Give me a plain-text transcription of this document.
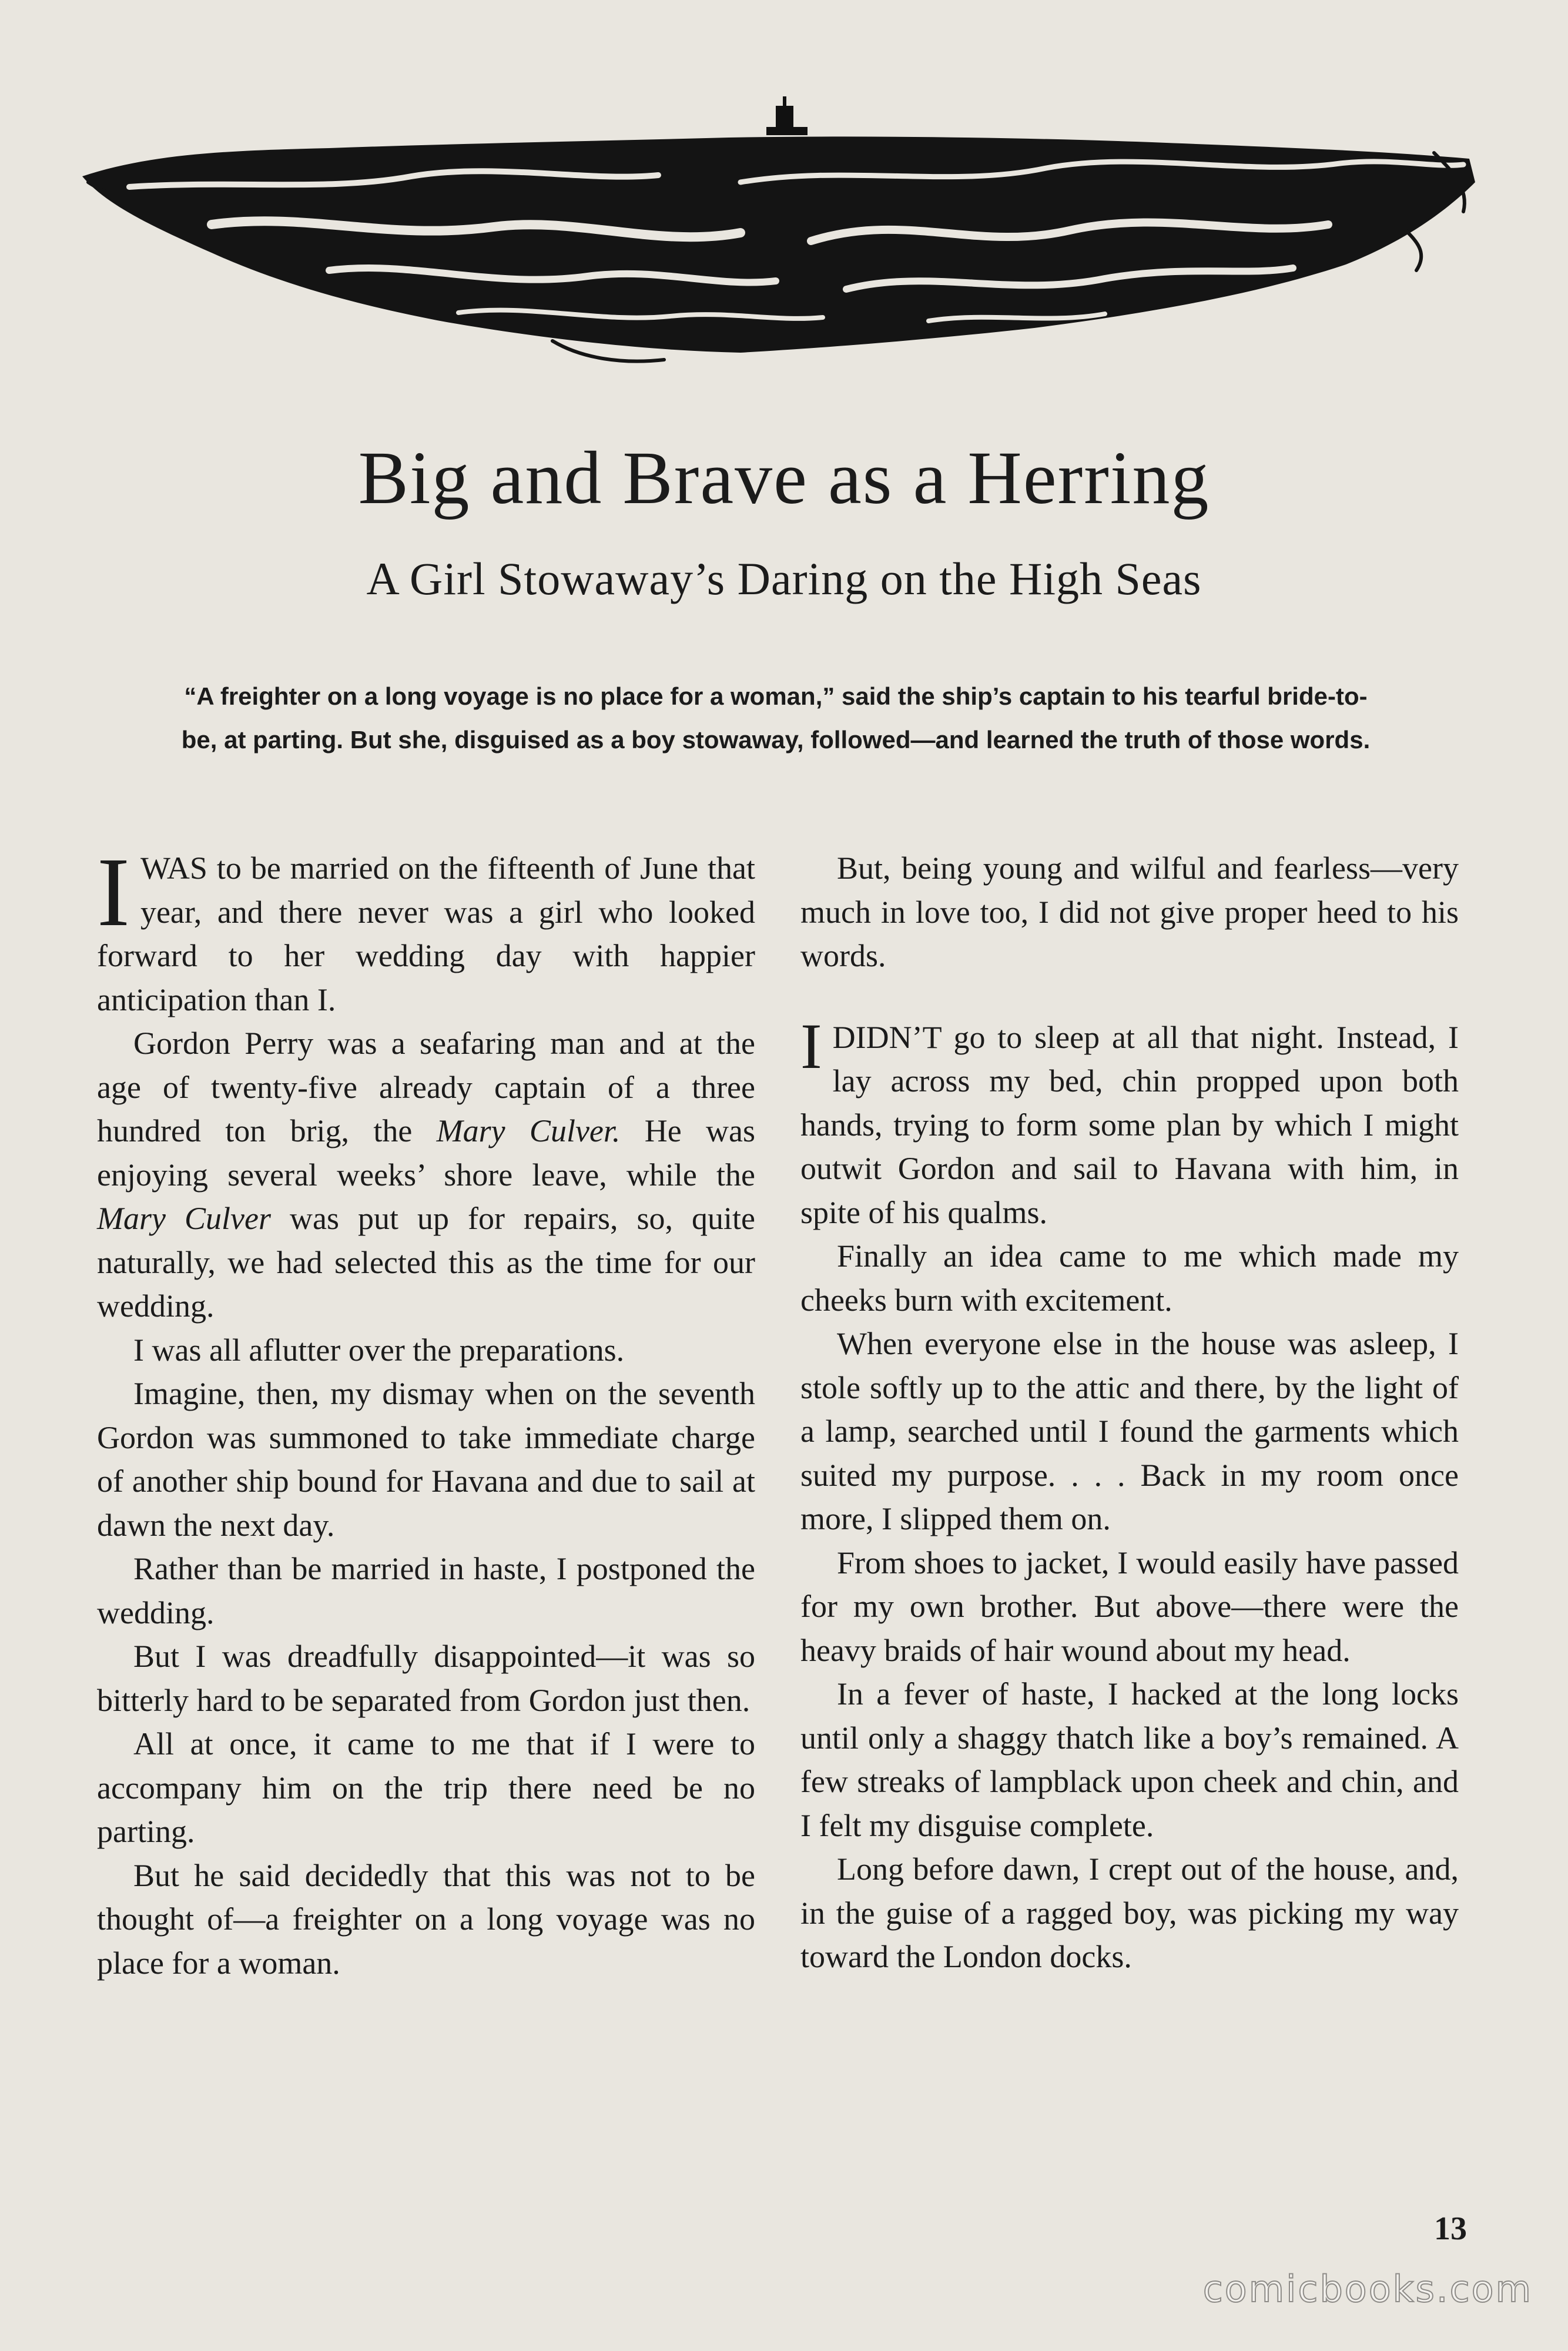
Big and Brave as a Herring
A Girl Stowaway’s Daring on the High Seas

“A freighter on a long voyage is no place for a woman,” said the ship’s captain to his tearful bride-to-be, at parting. But she, disguised as a boy stowaway, followed—and learned the truth of those words.

I WAS to be married on the fifteenth of June that year, and there never was a girl who looked forward to her wedding day with happier anticipation than I.

Gordon Perry was a seafaring man and at the age of twenty-five already captain of a three hundred ton brig, the Mary Culver. He was enjoying several weeks’ shore leave, while the Mary Culver was put up for repairs, so, quite naturally, we had selected this as the time for our wedding.

I was all aflutter over the preparations.

Imagine, then, my dismay when on the seventh Gordon was summoned to take immediate charge of another ship bound for Havana and due to sail at dawn the next day.

Rather than be married in haste, I postponed the wedding.

But I was dreadfully disappointed—it was so bitterly hard to be separated from Gordon just then.

All at once, it came to me that if I were to accompany him on the trip there need be no parting.

But he said decidedly that this was not to be thought of—a freighter on a long voyage was no place for a woman.

But, being young and wilful and fearless—very much in love too, I did not give proper heed to his words.

I DIDN’T go to sleep at all that night. Instead, I lay across my bed, chin propped upon both hands, trying to form some plan by which I might outwit Gordon and sail to Havana with him, in spite of his qualms.

Finally an idea came to me which made my cheeks burn with excitement.

When everyone else in the house was asleep, I stole softly up to the attic and there, by the light of a lamp, searched until I found the garments which suited my purpose. . . . Back in my room once more, I slipped them on.

From shoes to jacket, I would easily have passed for my own brother. But above—there were the heavy braids of hair wound about my head.

In a fever of haste, I hacked at the long locks until only a shaggy thatch like a boy’s remained. A few streaks of lampblack upon cheek and chin, and I felt my disguise complete.

Long before dawn, I crept out of the house, and, in the guise of a ragged boy, was picking my way toward the London docks.

13
comicbooks.com
